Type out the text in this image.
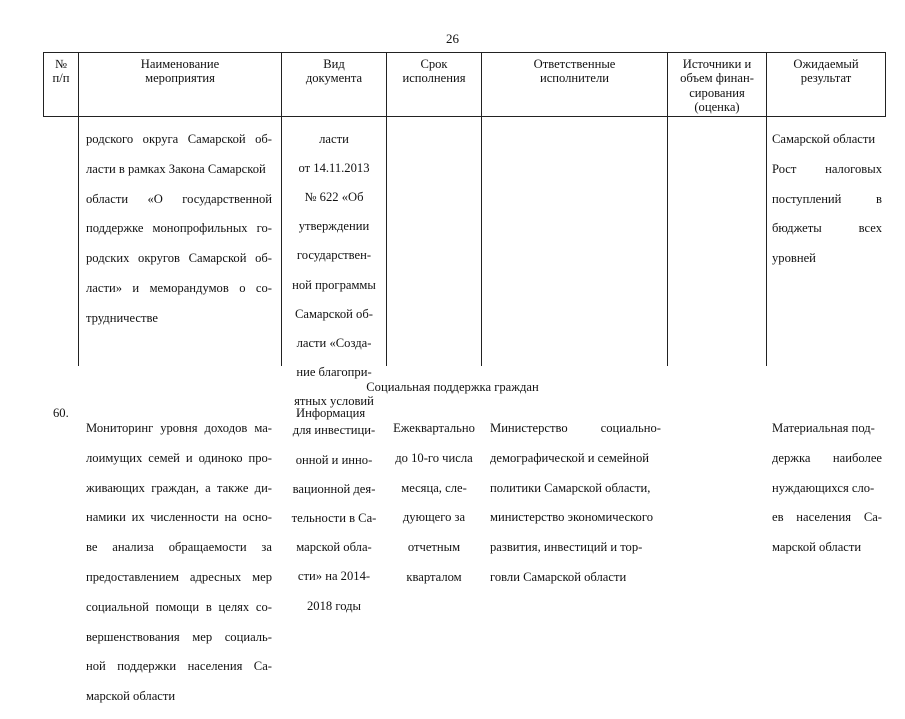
26
№
п/п
Наименование
мероприятия
Вид
документа
Срок
исполнения
Ответственные
исполнители
Источники и
объем финан-
сирования
(оценка)
Ожидаемый
результат

родского округа Самарской об-

ласти в рамках Закона Самарской

области «О государственной

поддержке монопрофильных го-

родских округов Самарской об-

ласти» и меморандумов о со-

трудничестве

ласти

от 14.11.2013

№ 622 «Об

утверждении

государствен-

ной программы

Самарской об-

ласти «Созда-

ние благопри-

ятных условий

для инвестици-

онной и инно-

вационной дея-

тельности в Са-

марской обла-

сти» на 2014-

2018 годы

Самарской области

Рост налоговых

поступлений в

бюджеты всех

уровней

Социальная поддержка граждан
60.

Мониторинг уровня доходов ма-

лоимущих семей и одиноко про-

живающих граждан, а также ди-

намики их численности на осно-

ве анализа обращаемости за

предоставлением адресных мер

социальной помощи в целях со-

вершенствования мер социаль-

ной поддержки населения Са-

марской области

Информация

Ежеквартально

до 10-го числа

месяца, сле-

дующего за

отчетным

кварталом

Министерство социально-

демографической и семейной

политики Самарской области,

министерство экономического

развития, инвестиций и тор-

говли Самарской области

Материальная под-

держка наиболее

нуждающихся сло-

ев населения Са-

марской области
